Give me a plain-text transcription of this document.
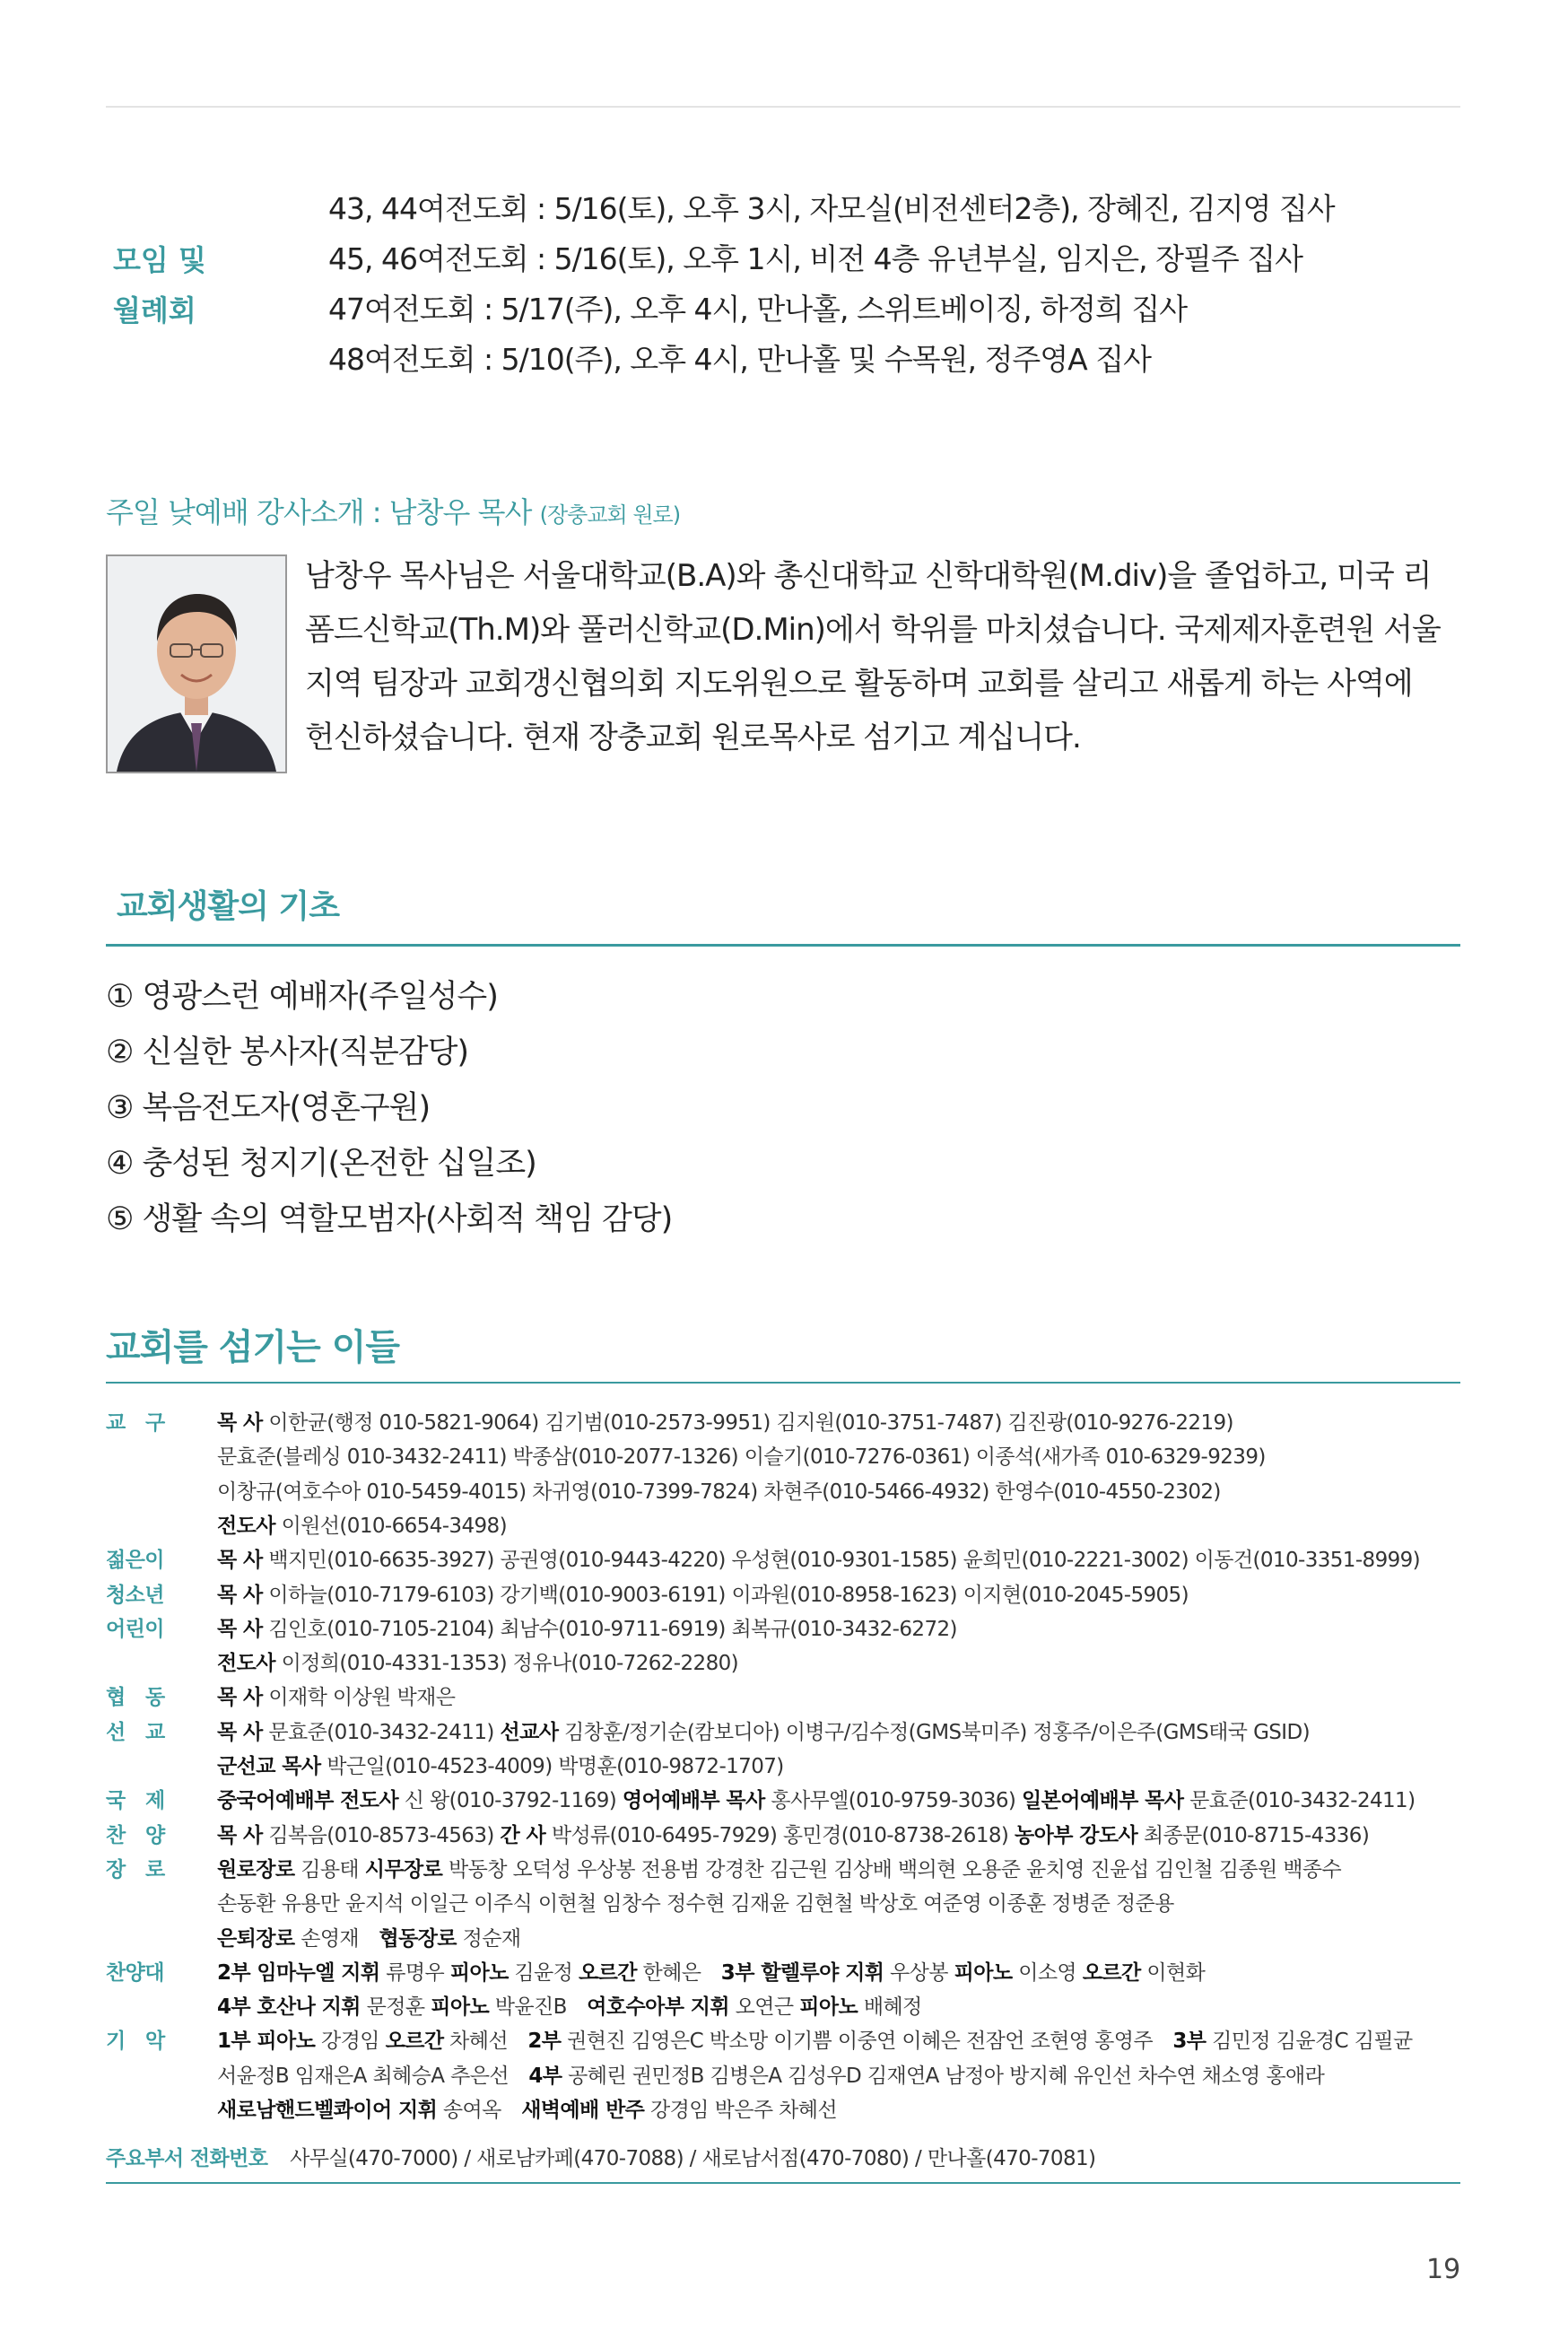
모임 및
월례회
43, 44여전도회 : 5/16(토), 오후 3시, 자모실(비전센터2층), 장혜진, 김지영 집사
45, 46여전도회 : 5/16(토), 오후 1시, 비전 4층 유년부실, 임지은, 장필주 집사
47여전도회 : 5/17(주), 오후 4시, 만나홀, 스위트베이징, 하정희 집사
48여전도회 : 5/10(주), 오후 4시, 만나홀 및 수목원, 정주영A 집사
주일 낮예배 강사소개 : 남창우 목사 (장충교회 원로)
남창우 목사님은 서울대학교(B.A)와 총신대학교 신학대학원(M.div)을 졸업하고, 미국 리
폼드신학교(Th.M)와 풀러신학교(D.Min)에서 학위를 마치셨습니다. 국제제자훈련원 서울
지역 팀장과 교회갱신협의회 지도위원으로 활동하며 교회를 살리고 새롭게 하는 사역에
헌신하셨습니다. 현재 장충교회 원로목사로 섬기고 계십니다.
교회생활의 기초
① 영광스런 예배자(주일성수)
② 신실한 봉사자(직분감당)
③ 복음전도자(영혼구원)
④ 충성된 청지기(온전한 십일조)
⑤ 생활 속의 역할모범자(사회적 책임 감당)
교회를 섬기는 이들
교　구	목 사 이한균(행정 010-5821-9064) 김기범(010-2573-9951) 김지원(010-3751-7487) 김진광(010-9276-2219)
문효준(블레싱 010-3432-2411) 박종삼(010-2077-1326) 이슬기(010-7276-0361) 이종석(새가족 010-6329-9239)
이창규(여호수아 010-5459-4015) 차귀영(010-7399-7824) 차현주(010-5466-4932) 한영수(010-4550-2302)
전도사 이원선(010-6654-3498)
젊은이	목 사 백지민(010-6635-3927) 공권영(010-9443-4220) 우성현(010-9301-1585) 윤희민(010-2221-3002) 이동건(010-3351-8999)
청소년	목 사 이하늘(010-7179-6103) 강기백(010-9003-6191) 이과원(010-8958-1623) 이지현(010-2045-5905)
어린이	목 사 김인호(010-7105-2104) 최남수(010-9711-6919) 최복규(010-3432-6272)
전도사 이정희(010-4331-1353) 정유나(010-7262-2280)
협　동	목 사 이재학 이상원 박재은
선　교	목 사 문효준(010-3432-2411) 선교사 김창훈/정기순(캄보디아) 이병구/김수정(GMS북미주) 정홍주/이은주(GMS태국 GSID)
군선교 목사 박근일(010-4523-4009) 박명훈(010-9872-1707)
국　제	중국어예배부 전도사 신 왕(010-3792-1169) 영어예배부 목사 홍사무엘(010-9759-3036) 일본어예배부 목사 문효준(010-3432-2411)
찬　양	목 사 김복음(010-8573-4563) 간 사 박성류(010-6495-7929) 홍민경(010-8738-2618) 농아부 강도사 최종문(010-8715-4336)
장　로	원로장로 김용태 시무장로 박동창 오덕성 우상봉 전용범 강경찬 김근원 김상배 백의현 오용준 윤치영 진윤섭 김인철 김종원 백종수
손동환 유용만 윤지석 이일근 이주식 이현철 임창수 정수현 김재윤 김현철 박상호 여준영 이종훈 정병준 정준용
은퇴장로 손영재　협동장로 정순재
찬양대	2부 임마누엘 지휘 류명우 피아노 김윤정 오르간 한혜은　3부 할렐루야 지휘 우상봉 피아노 이소영 오르간 이현화
4부 호산나 지휘 문정훈 피아노 박윤진B　여호수아부 지휘 오연근 피아노 배혜정
기　악	1부 피아노 강경임 오르간 차혜선　2부 권현진 김영은C 박소망 이기쁨 이중연 이혜은 전잠언 조현영 홍영주　3부 김민정 김윤경C 김필균
서윤정B 임재은A 최혜승A 추은선　4부 공혜린 권민정B 김병은A 김성우D 김재연A 남정아 방지혜 유인선 차수연 채소영 홍애라
새로남핸드벨콰이어 지휘 송여옥　새벽예배 반주 강경임 박은주 차혜선
주요부서 전화번호 사무실(470-7000) / 새로남카페(470-7088) / 새로남서점(470-7080) / 만나홀(470-7081)
19
